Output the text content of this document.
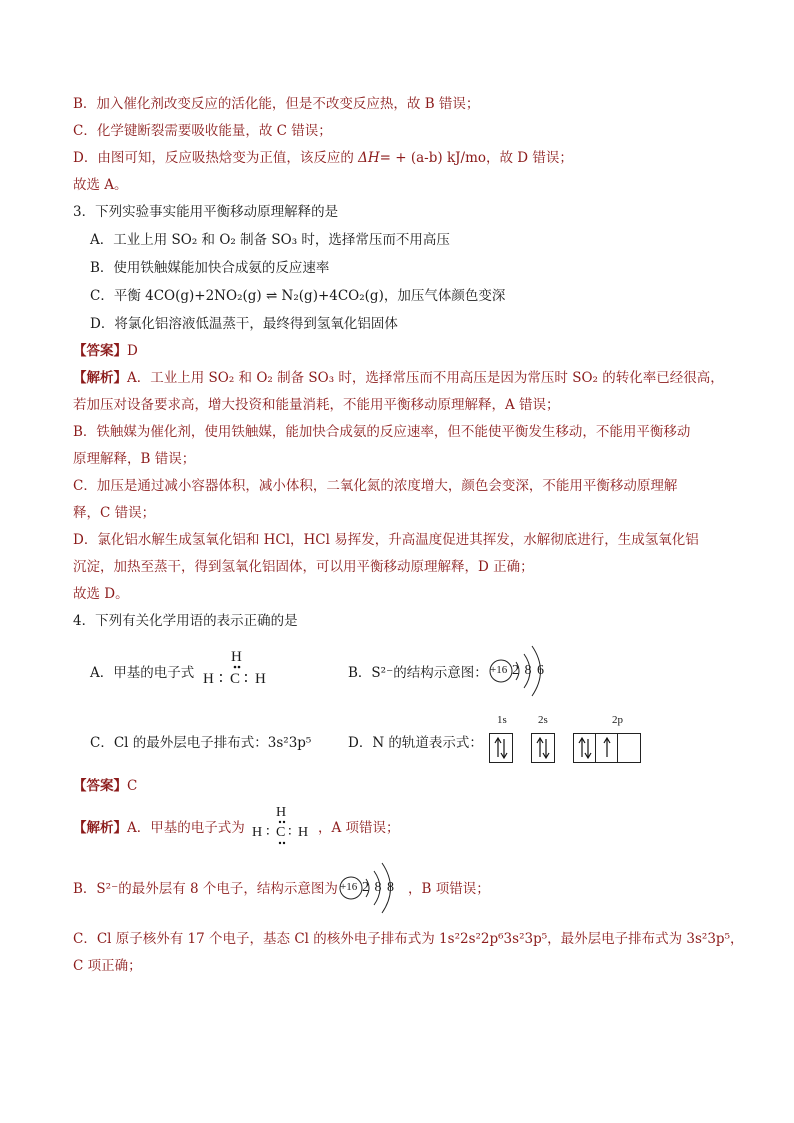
B．加入催化剂改变反应的活化能，但是不改变反应热，故 B 错误；
C．化学键断裂需要吸收能量，故 C 错误；
D．由图可知，反应吸热焓变为正值，该反应的 ΔH= + (a-b) kJ/mo，故 D 错误；
故选 A。
3．下列实验事实能用平衡移动原理解释的是
A．工业上用 SO₂ 和 O₂ 制备 SO₃ 时，选择常压而不用高压
B．使用铁触媒能加快合成氨的反应速率
C．平衡 4CO(g)+2NO₂(g) ⇌ N₂(g)+4CO₂(g)，加压气体颜色变深
D．将氯化铝溶液低温蒸干，最终得到氢氧化铝固体
【答案】D
【解析】A．工业上用 SO₂ 和 O₂ 制备 SO₃ 时，选择常压而不用高压是因为常压时 SO₂ 的转化率已经很高，
若加压对设备要求高，增大投资和能量消耗，不能用平衡移动原理解释，A 错误；
B．铁触媒为催化剂，使用铁触媒，能加快合成氨的反应速率，但不能使平衡发生移动，不能用平衡移动
原理解释，B 错误；
C．加压是通过减小容器体积，减小体积，二氧化氮的浓度增大，颜色会变深，不能用平衡移动原理解
释，C 错误；
D．氯化铝水解生成氢氧化铝和 HCl，HCl 易挥发，升高温度促进其挥发，水解彻底进行，生成氢氧化铝
沉淀，加热至蒸干，得到氢氧化铝固体，可以用平衡移动原理解释，D 正确；
故选 D。
4．下列有关化学用语的表示正确的是
A．甲基的电子式
H
H ∶ C ∶ H	B．S²⁻的结构示意图： +16 2 8 6
C．Cl 的最外层电子排布式：3s²3p⁵	D．N 的轨道表示式：
1s	2s	2p
【答案】C
【解析】A．甲基的电子式为
H
H ∶ C ∶ H ，A 项错误；
B．S²⁻的最外层有 8 个电子，结构示意图为 +16 2 8 8 ，B 项错误；
C．Cl 原子核外有 17 个电子，基态 Cl 的核外电子排布式为 1s²2s²2p⁶3s²3p⁵，最外层电子排布式为 3s²3p⁵，
C 项正确；
